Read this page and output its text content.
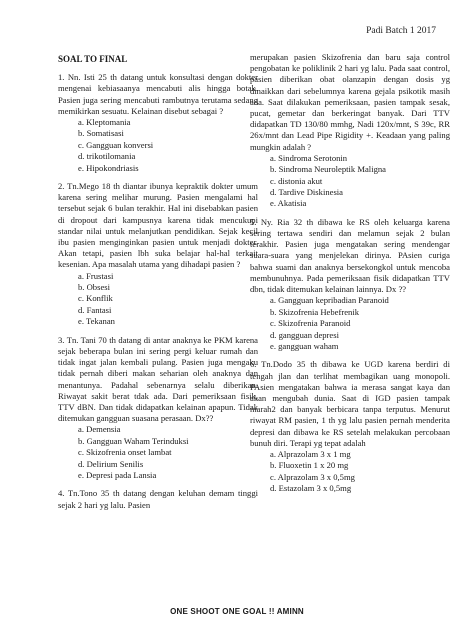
Padi Batch 1 2017
SOAL TO FINAL

1. Nn. Isti 25 th datang untuk konsultasi dengan dokter mengenai kebiasaanya mencabuti alis hingga botak. Pasien juga sering mencabuti rambutnya terutama sedang memikirkan sesuatu. Kelainan disebut sebagai ?

a. Kleptomania
b. Somatisasi
c. Gangguan konversi
d. trikotilomania
e. Hipokondriasis

2. Tn.Mego 18 th diantar ibunya kepraktik dokter umum karena sering melihar murung. Pasien mengalami hal tersebut sejak 6 bulan terakhir. Hal ini disebabkan pasien di dropout dari kampusnya karena tidak mencukupi standar nilai untuk melanjutkan pendidikan. Sejak kecil ibu pasien menginginkan pasien untuk menjadi dokter. Akan tetapi, pasien lbh suka belajar hal-hal terkait kesenian. Apa masalah utama yang dihadapi pasien ?

a. Frustasi
b. Obsesi
c. Konflik
d. Fantasi
e. Tekanan

3. Tn. Tani 70 th datang di antar anaknya ke PKM karena sejak beberapa bulan ini sering pergi keluar rumah dan tidak ingat jalan kembali pulang. Pasien juga mengaku tidak pernah diberi makan seharian oleh anaknya dan menantunya. Padahal sebenarnya selalu diberikan. Riwayat sakit berat tdak ada. Dari pemeriksaan fisik, TTV dBN. Dan tidak didapatkan kelainan apapun. Tidak ditemukan gangguan suasana perasaan. Dx??

a. Demensia
b. Gangguan Waham Terinduksi
c. Skizofrenia onset lambat
d. Delirium Senilis
e. Depresi pada Lansia

4. Tn.Tono 35 th datang dengan keluhan demam tinggi sejak 2 hari yg lalu. Pasien

merupakan pasien Skizofrenia dan baru saja control pengobatan ke poliklinik 2 hari yg lalu. Pada saat control, pasien diberikan obat olanzapin dengan dosis yg dinaikkan dari sebelumnya karena gejala psikotik masih ada. Saat dilakukan pemeriksaan, pasien tampak sesak, pucat, gemetar dan berkeringat banyak. Dari TTV didapatkan TD 130/80 mmhg, Nadi 120x/mnt, S 39c, RR 26x/mnt dan Lead Pipe Rigidity +. Keadaan yang paling mungkin adalah ?

a. Sindroma Serotonin
b. Sindroma Neuroleptik Maligna
c. distonia akut
d. Tardive Diskinesia
e. Akatisia

5. Ny. Ria 32 th dibawa ke RS oleh keluarga karena sering tertawa sendiri dan melamun sejak 2 bulan terakhir. Pasien juga mengatakan sering mendengar suara-suara yang menjelekan dirinya. PAsien curiga bahwa suami dan anaknya bersekongkol untuk mencoba membunuhnya. Pada pemeriksaan fisik didapatkan TTV dbn, tidak ditemukan kelainan lainnya. Dx ??

a. Gangguan kepribadian Paranoid
b. Skizofrenia Hebefrenik
c. Skizofrenia Paranoid
d. gangguan depresi
e. gangguan waham

6. Tn.Dodo 35 th dibawa ke UGD karena berdiri di tengah jlan dan terlihat membagikan uang monopoli. PAsien mengatakan bahwa ia merasa sangat kaya dan akan mengubah dunia. Saat di IGD pasien tampak marah2 dan banyak berbicara tanpa terputus. Menurut riwayat RM pasien, 1 th yg lalu pasien pernah menderita depresi dan dibawa ke RS setelah melakukan percobaan bunuh diri. Terapi yg tepat adalah

a. Alprazolam 3 x 1 mg
b. Fluoxetin 1 x 20 mg
c. Alprazolam 3 x 0,5mg
d. Estazolam 3 x 0,5mg
ONE SHOOT ONE GOAL !! AMINN
